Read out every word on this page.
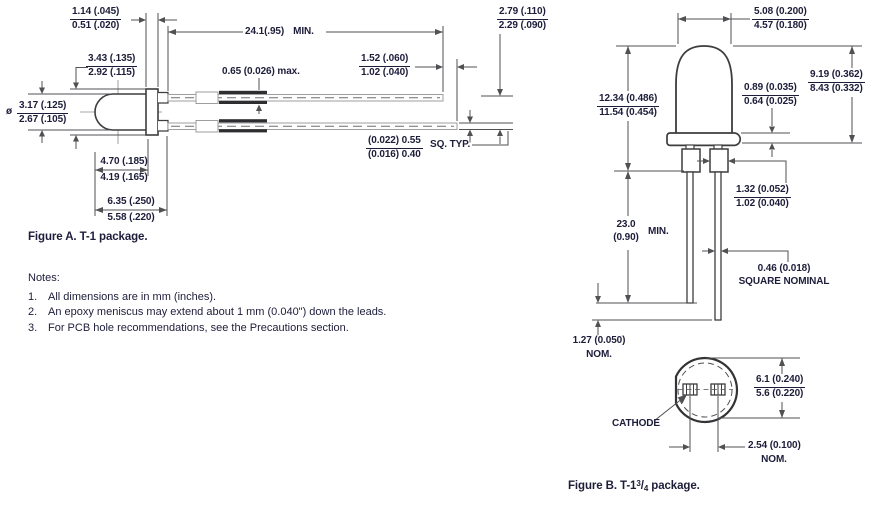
$\frac{1.14 (.045)}{0.51 (.020)}$	24.1(.95) MIN.
$\frac{3.43 (.135)}{2.92 (.115)}$
ø $\frac{3.17 (.125)}{2.67 (.105)}$
0.65 (0.026) max.	$\frac{1.52 (.060)}{1.02 (.040)}$
$\frac{2.79 (.110)}{2.29 (.090)}$
$\frac{(0.022) 0.55}{(0.016) 0.40}$ SQ. TYP.
4.70 (.185)
4.19 (.165)
6.35 (.250)
5.58 (.220)
Figure A. T-1 package.
Notes:
1. All dimensions are in mm (inches).
2. An epoxy meniscus may extend about 1 mm (0.040") down the leads.
3. For PCB hole recommendations, see the Precautions section.
$\frac{5.08 (0.200)}{4.57 (0.180)}$
$\frac{12.34 (0.486)}{11.54 (0.454)}$
$\frac{9.19 (0.362)}{8.43 (0.332)}$
$\frac{0.89 (0.035)}{0.64 (0.025)}$
$\frac{1.32 (0.052)}{1.02 (0.040)}$
23.0
(0.90)
MIN.
0.46 (0.018)
SQUARE NOMINAL
1.27 (0.050)
NOM.
$\frac{6.1 (0.240)}{5.6 (0.220)}$
CATHODE
2.54 (0.100)
NOM.
Figure B. $T-1^3/4$ package.
